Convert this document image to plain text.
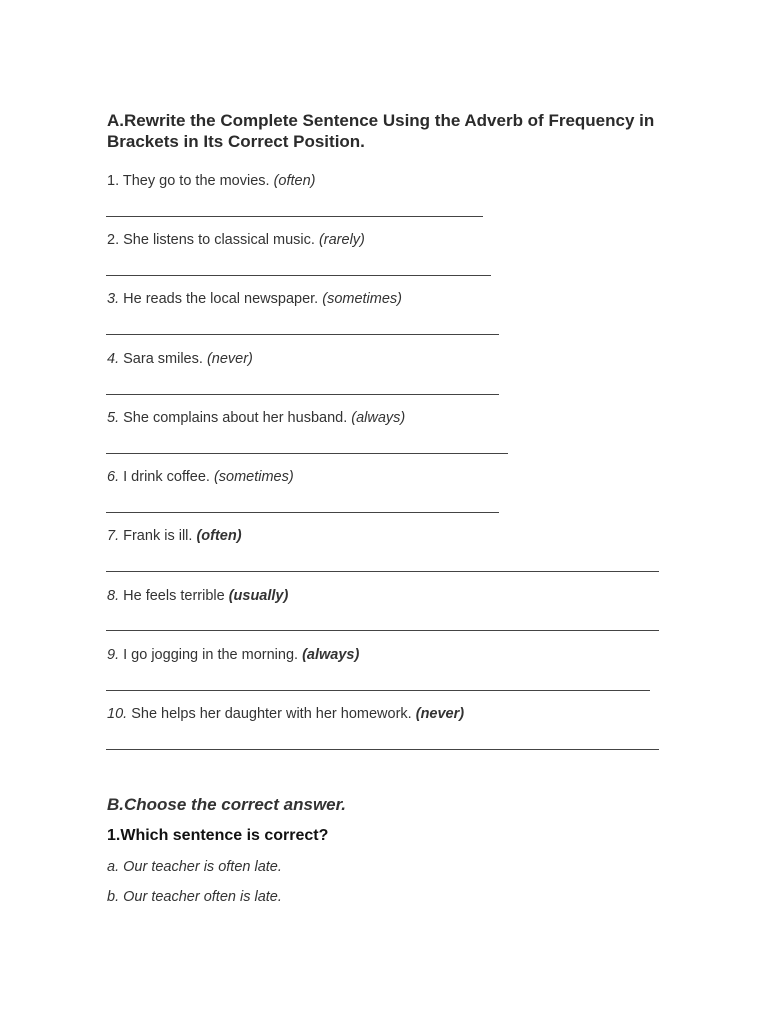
A.Rewrite the Complete Sentence Using the Adverb of Frequency in Brackets in Its Correct Position.
1. They go to the movies. (often)
2. She listens to classical music. (rarely)
3. He reads the local newspaper. (sometimes)
4. Sara smiles. (never)
5. She complains about her husband. (always)
6. I drink coffee. (sometimes)
7. Frank is ill. (often)
8. He feels terrible (usually)
9. I go jogging in the morning. (always)
10. She helps her daughter with her homework. (never)
B.Choose the correct answer.
1.Which sentence is correct?
a. Our teacher is often late.
b. Our teacher often is late.
